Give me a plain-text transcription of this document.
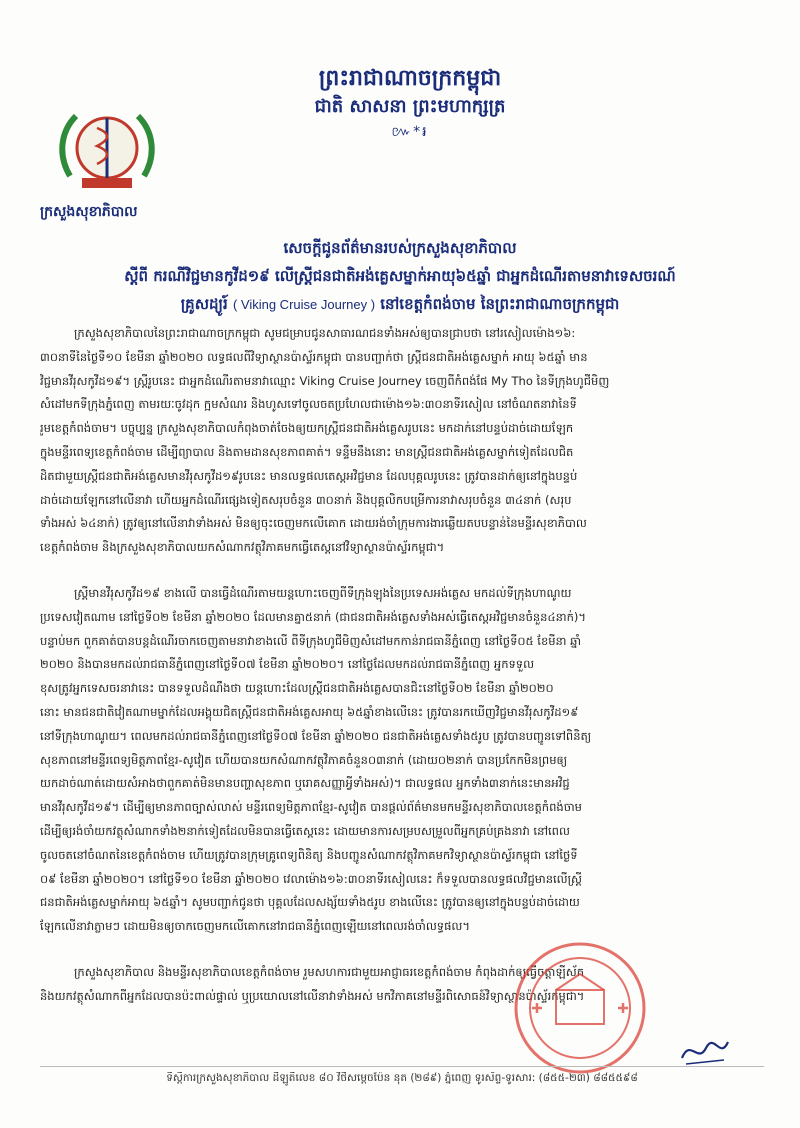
ក្រសួងសុខាភិបាល
ព្រះរាជាណាចក្រកម្ពុជា
ជាតិ សាសនា ព្រះមហាក្សត្រ
៚*៛
សេចក្តីជូនព័ត៌មានរបស់ក្រសួងសុខាភិបាល
ស្តីពី ករណីវិជ្ជមានកូវីដ១៩ លើស្ត្រីជនជាតិអង់គ្លេសម្នាក់អាយុ៦៥ឆ្នាំ ជាអ្នកដំណើរតាមនាវាទេសចរណ៍
គ្រូសដ្យូរ៍ ( Viking Cruise Journey ) នៅខេត្តកំពង់ចាម នៃព្រះរាជាណាចក្រកម្ពុជា
ក្រសួងសុខាភិបាលនៃព្រះរាជាណាចក្រកម្ពុជា សូមជម្រាបជូនសាធារណជនទាំងអស់ឲ្យបានជ្រាបថា នៅរសៀលម៉ោង១៦:
៣០នាទីនៃថ្ងៃទី១០ ខែមីនា ឆ្នាំ២០២០ លទ្ធផលពីវិទ្យាស្ថានប៉ាស្ទ័រកម្ពុជា បានបញ្ជាក់ថា ស្ត្រីជនជាតិអង់គ្លេសម្នាក់ អាយុ ៦៥ឆ្នាំ មាន
វិជ្ជមានវីរុសកូវីដ១៩។ ស្ត្រីរូបនេះ ជាអ្នកដំណើរតាមនាវាឈ្មោះ Viking Cruise Journey ចេញពីកំពង់ផែ My Tho នៃទីក្រុងហូជីមិញ
សំដៅមកទីក្រុងភ្នំពេញ តាមរយៈចូវដុក ក្អមសំណរ និងហូសទៅចូលចតប្រហែលជាម៉ោង១៦:៣០នាទីរសៀល នៅចំណតនាវានៃទី
រួមខេត្តកំពង់ចាម។ បច្ចុប្បន្ន ក្រសួងសុខាភិបាលកំពុងចាត់ចែងឲ្យយកស្ត្រីជនជាតិអង់គ្លេសរូបនេះ មកដាក់នៅបន្ទប់ដាច់ដោយឡែក
ក្នុងមន្ទីរពេទ្យខេត្តកំពង់ចាម ដើម្បីព្យាបាល និងតាមដានសុខភាពគាត់។ ទន្ទឹមនឹងនោះ មានស្ត្រីជនជាតិអង់គ្លេសម្នាក់ទៀតដែលជិត
ដិតជាមួយស្ត្រីជនជាតិអង់គ្លេសមានវីរុសកូវីដ១៩រូបនេះ មានលទ្ធផលតេស្តអវិជ្ជមាន ដែលបុគ្គលរូបនេះ ត្រូវបានដាក់ឲ្យនៅក្នុងបន្ទប់
ដាច់ដោយឡែកនៅលើនាវា ហើយអ្នកដំណើរផ្សេងទៀតសរុបចំនួន ៣០នាក់ និងបុគ្គលិកបម្រើការនាវាសរុបចំនួន ៣៤នាក់ (សរុប
ទាំងអស់ ៦៤នាក់) ត្រូវឲ្យនៅលើនាវាទាំងអស់ មិនឲ្យចុះចេញមកលើគោក ដោយរង់ចាំក្រុមការងារឆ្លើយតបបន្ទាន់នៃមន្ទីរសុខាភិបាល
ខេត្តកំពង់ចាម និងក្រសួងសុខាភិបាលយកសំណាកវត្ថុវិភាគមកធ្វើតេស្តនៅវិទ្យាស្ថានប៉ាស្ទ័រកម្ពុជា។
ស្ត្រីមានវីរុសកូវីដ១៩ ខាងលើ បានធ្វើដំណើរតាមយន្តហោះចេញពីទីក្រុងឡុងនៃប្រទេសអង់គ្លេស មកដល់ទីក្រុងហាណូយ
ប្រទេសវៀតណាម នៅថ្ងៃទី០២ ខែមីនា ឆ្នាំ២០២០ ដែលមានគ្នា៥នាក់ (ជាជនជាតិអង់គ្លេសទាំងអស់ធ្វើតេស្តអវិជ្ជមានចំនួន៤នាក់)។
បន្ទាប់មក ពួកគាត់បានបន្តដំណើរចាកចេញតាមនាវាខាងលើ ពីទីក្រុងហូជីមិញសំដៅមកកាន់រាជធានីភ្នំពេញ នៅថ្ងៃទី០៥ ខែមីនា ឆ្នាំ
២០២០ និងបានមកដល់រាជធានីភ្នំពេញនៅថ្ងៃទី០៧ ខែមីនា ឆ្នាំ២០២០។ នៅថ្ងៃដែលមកដល់រាជធានីភ្នំពេញ អ្នកទទួល
ខុសត្រូវអ្នកទេសចរនាវានេះ បានទទួលដំណឹងថា យន្តហោះដែលស្ត្រីជនជាតិអង់គ្លេសបានជិះនៅថ្ងៃទី០២ ខែមីនា ឆ្នាំ២០២០
នោះ មានជនជាតិវៀតណាមម្នាក់ដែលអង្គុយជិតស្ត្រីជនជាតិអង់គ្លេសអាយុ ៦៥ឆ្នាំខាងលើនេះ ត្រូវបានរកឃើញវិជ្ជមានវីរុសកូវីដ១៩
នៅទីក្រុងហាណូយ។ ពេលមកដល់រាជធានីភ្នំពេញនៅថ្ងៃទី០៧ ខែមីនា ឆ្នាំ២០២០ ជនជាតិអង់គ្លេសទាំង៥រូប ត្រូវបានបញ្ជូនទៅពិនិត្យ
សុខភាពនៅមន្ទីរពេទ្យមិត្តភាពខ្មែរ-សូវៀត ហើយបានយកសំណាកវត្ថុវិភាគចំនួន០៣នាក់ (ដោយ០២នាក់ បានប្រកែកមិនព្រមឲ្យ
យកដាច់ណាត់ដោយសំអាងថាពួកគាត់មិនមានបញ្ហាសុខភាព ឬរោគសញ្ញាអ្វីទាំងអស់)។ ជាលទ្ធផល អ្នកទាំង៣នាក់នេះមានអវិជ្ជ
មានវីរុសកូវីដ១៩។ ដើម្បីឲ្យមានភាពច្បាស់លាស់ មន្ទីរពេទ្យមិត្តភាពខ្មែរ-សូវៀត បានផ្តល់ព័ត៌មានមកមន្ទីរសុខាភិបាលខេត្តកំពង់ចាម
ដើម្បីឲ្យរង់ចាំយកវត្ថុសំណាកទាំង២នាក់ទៀតដែលមិនបានធ្វើតេស្តនេះ ដោយមានការសម្របសម្រួលពីអ្នកគ្រប់គ្រងនាវា នៅពេល
ចូលចតនៅចំណតនៃខេត្តកំពង់ចាម ហើយត្រូវបានក្រុមគ្រូពេទ្យពិនិត្យ និងបញ្ជូនសំណាកវត្ថុវិភាគមកវិទ្យាស្ថានប៉ាស្ទ័រកម្ពុជា នៅថ្ងៃទី
០៩ ខែមីនា ឆ្នាំ២០២០។ នៅថ្ងៃទី១០ ខែមីនា ឆ្នាំ២០២០ វេលាម៉ោង១៦:៣០នាទីរសៀលនេះ ក៏ទទួលបានលទ្ធផលវិជ្ជមានលើស្ត្រី
ជនជាតិអង់គ្លេសម្នាក់អាយុ ៦៥ឆ្នាំ។ សូមបញ្ជាក់ជូនថា បុគ្គលដែលសង្ស័យទាំង៥រូប ខាងលើនេះ ត្រូវបានឲ្យនៅក្នុងបន្ទប់ដាច់ដោយ
ឡែកលើនាវាភ្លាមៗ ដោយមិនឲ្យចាកចេញមកលើគោកនៅរាជធានីភ្នំពេញឡើយនៅពេលរង់ចាំលទ្ធផល។
ក្រសួងសុខាភិបាល និងមន្ទីរសុខាភិបាលខេត្តកំពង់ចាម រួមសហការជាមួយអាជ្ញាធរខេត្តកំពង់ចាម កំពុងដាក់ឲ្យធ្វើចត្តាឡីស័ក
និងយកវត្ថុសំណាកពីអ្នកដែលបានប៉ះពាល់ផ្ទាល់ ឬប្រយោលនៅលើនាវាទាំងអស់ មកវិភាគនៅមន្ទីរពិសោធន៍វិទ្យាស្ថានប៉ាស្ទ័រកម្ពុជា។
ទីស្តីការក្រសួងសុខាភិបាល ដីឡូតិ៍លេខ ៨០ វិថីសម្តេចប៉ែន នុត (២៨៩) ភ្នំពេញ ទូរស័ព្ទ-ទូរសារ: (៨៥៥-២៣) ៨៨៥៥៩៨
